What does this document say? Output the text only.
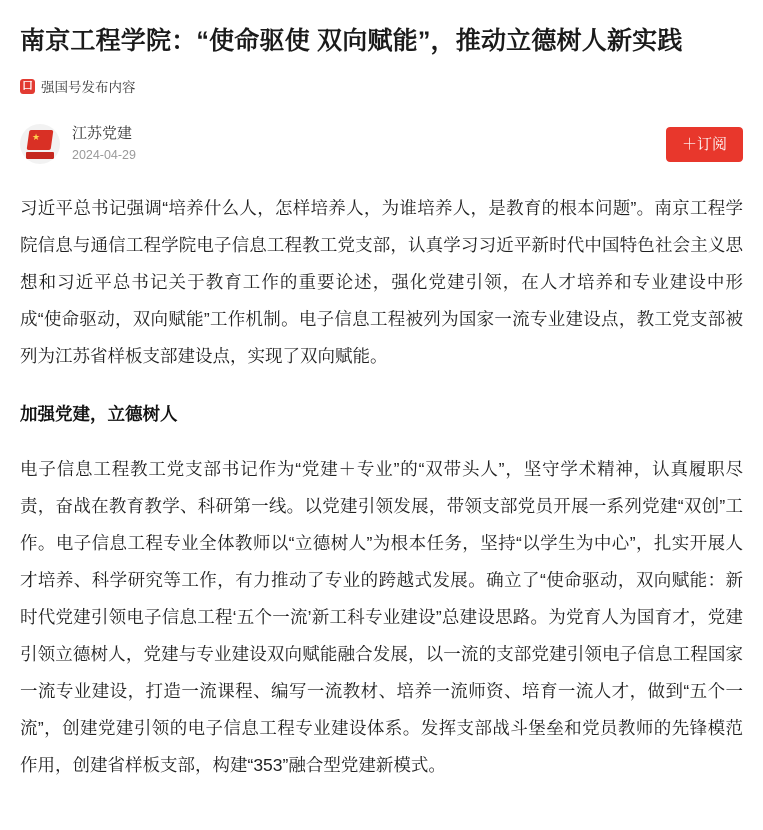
南京工程学院：“使命驱使 双向赋能”，推动立德树人新实践
口 强国号发布内容
★ 江苏党建
2024-04-29
＋订阅

习近平总书记强调“培养什么人，怎样培养人，为谁培养人，是教育的根本问题”。南京工程学院信息与通信工程学院电子信息工程教工党支部，认真学习习近平新时代中国特色社会主义思想和习近平总书记关于教育工作的重要论述，强化党建引领，在人才培养和专业建设中形成“使命驱动，双向赋能”工作机制。电子信息工程被列为国家一流专业建设点，教工党支部被列为江苏省样板支部建设点，实现了双向赋能。

加强党建，立德树人

电子信息工程教工党支部书记作为“党建＋专业”的“双带头人”，坚守学术精神，认真履职尽责，奋战在教育教学、科研第一线。以党建引领发展，带领支部党员开展一系列党建“双创”工作。电子信息工程专业全体教师以“立德树人”为根本任务，坚持“以学生为中心”，扎实开展人才培养、科学研究等工作，有力推动了专业的跨越式发展。确立了“使命驱动，双向赋能：新时代党建引领电子信息工程‘五个一流’新工科专业建设”总建设思路。为党育人为国育才，党建引领立德树人，党建与专业建设双向赋能融合发展，以一流的支部党建引领电子信息工程国家一流专业建设，打造一流课程、编写一流教材、培养一流师资、培育一流人才，做到“五个一流”，创建党建引领的电子信息工程专业建设体系。发挥支部战斗堡垒和党员教师的先锋模范作用，创建省样板支部，构建“353”融合型党建新模式。
